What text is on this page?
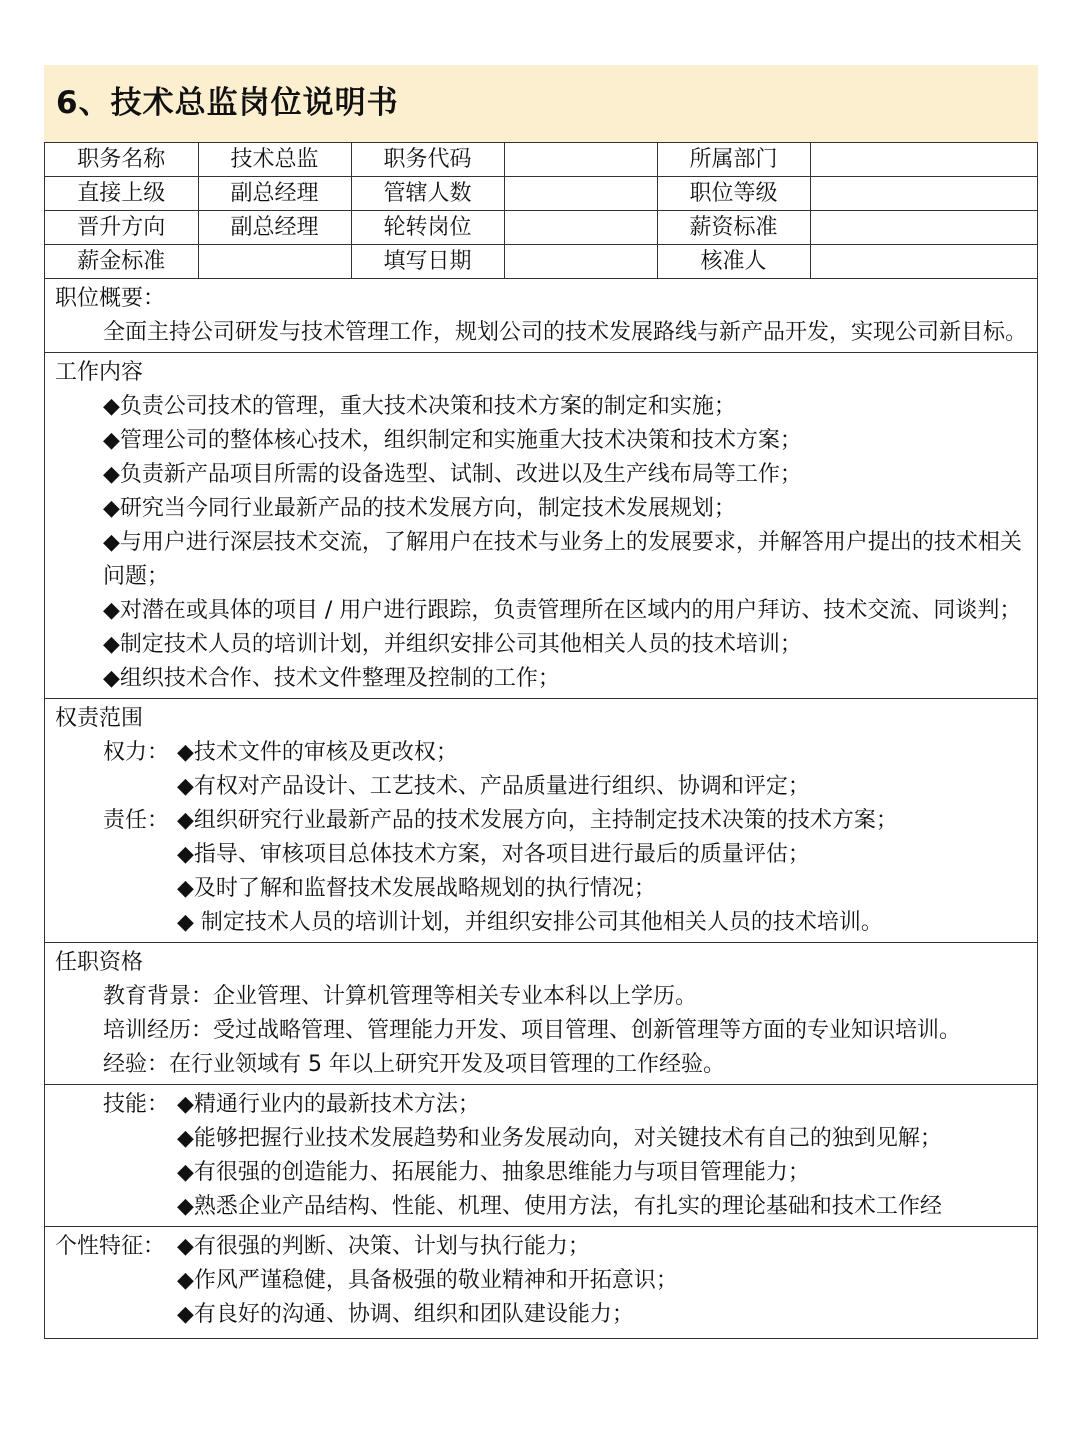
6、技术总监岗位说明书
职务名称	技术总监	职务代码		所属部门	
直接上级	副总经理	管辖人数		职位等级	
晋升方向	副总经理	轮转岗位		薪资标准	
薪金标准		填写日期		核准人	
职位概要：
全面主持公司研发与技术管理工作，规划公司的技术发展路线与新产品开发，实现公司新目标。
工作内容
◆负责公司技术的管理，重大技术决策和技术方案的制定和实施；
◆管理公司的整体核心技术，组织制定和实施重大技术决策和技术方案；
◆负责新产品项目所需的设备选型、试制、改进以及生产线布局等工作；
◆研究当今同行业最新产品的技术发展方向，制定技术发展规划；
◆与用户进行深层技术交流，了解用户在技术与业务上的发展要求，并解答用户提出的技术相关问题；
◆对潜在或具体的项目 / 用户进行跟踪，负责管理所在区域内的用户拜访、技术交流、同谈判；
◆制定技术人员的培训计划，并组织安排公司其他相关人员的技术培训；
◆组织技术合作、技术文件整理及控制的工作；
权责范围
权力： ◆技术文件的审核及更改权；
◆有权对产品设计、工艺技术、产品质量进行组织、协调和评定；
责任： ◆组织研究行业最新产品的技术发展方向，主持制定技术决策的技术方案；
◆指导、审核项目总体技术方案，对各项目进行最后的质量评估；
◆及时了解和监督技术发展战略规划的执行情况；
◆ 制定技术人员的培训计划，并组织安排公司其他相关人员的技术培训。
任职资格
教育背景：企业管理、计算机管理等相关专业本科以上学历。
培训经历：受过战略管理、管理能力开发、项目管理、创新管理等方面的专业知识培训。
经验：在行业领域有 5 年以上研究开发及项目管理的工作经验。
技能： ◆精通行业内的最新技术方法；
◆能够把握行业技术发展趋势和业务发展动向，对关键技术有自己的独到见解；
◆有很强的创造能力、拓展能力、抽象思维能力与项目管理能力；
◆熟悉企业产品结构、性能、机理、使用方法，有扎实的理论基础和技术工作经
个性特征： ◆有很强的判断、决策、计划与执行能力；
◆作风严谨稳健，具备极强的敬业精神和开拓意识；
◆有良好的沟通、协调、组织和团队建设能力；
